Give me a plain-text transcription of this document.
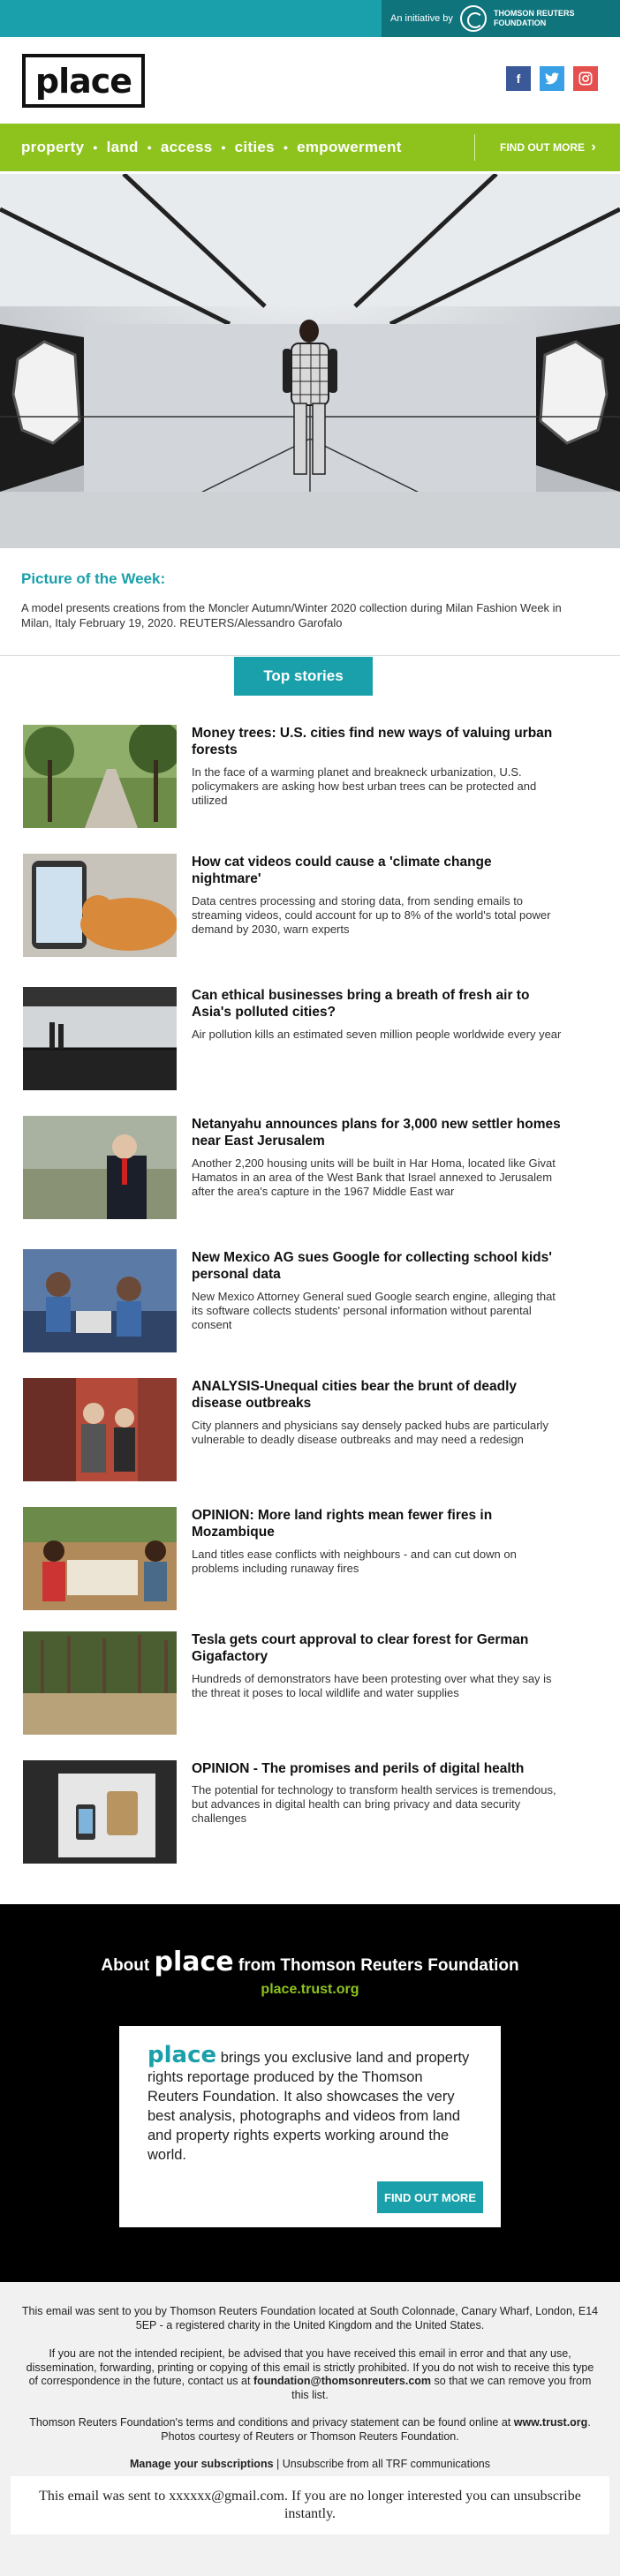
An initiative by	THOMSON REUTERS
FOUNDATION
place	f
property • land • access • cities • empowerment	FIND OUT MORE ›
Picture of the Week:
A model presents creations from the Moncler Autumn/Winter 2020 collection during Milan Fashion Week in Milan, Italy February 19, 2020. REUTERS/Alessandro Garofalo
Top stories
Money trees: U.S. cities find new ways of valuing urban forests

In the face of a warming planet and breakneck urbanization, U.S. policymakers are asking how best urban trees can be protected and utilized

How cat videos could cause a 'climate change nightmare'

Data centres processing and storing data, from sending emails to streaming videos, could account for up to 8% of the world's total power demand by 2030, warn experts

Can ethical businesses bring a breath of fresh air to Asia's polluted cities?

Air pollution kills an estimated seven million people worldwide every year

Netanyahu announces plans for 3,000 new settler homes near East Jerusalem

Another 2,200 housing units will be built in Har Homa, located like Givat Hamatos in an area of the West Bank that Israel annexed to Jerusalem after the area's capture in the 1967 Middle East war

New Mexico AG sues Google for collecting school kids' personal data

New Mexico Attorney General sued Google search engine, alleging that its software collects students' personal information without parental consent

ANALYSIS-Unequal cities bear the brunt of deadly disease outbreaks

City planners and physicians say densely packed hubs are particularly vulnerable to deadly disease outbreaks and may need a redesign

OPINION: More land rights mean fewer fires in Mozambique

Land titles ease conflicts with neighbours - and can cut down on problems including runaway fires

Tesla gets court approval to clear forest for German Gigafactory

Hundreds of demonstrators have been protesting over what they say is the threat it poses to local wildlife and water supplies

OPINION - The promises and perils of digital health

The potential for technology to transform health services is tremendous, but advances in digital health can bring privacy and data security challenges

About place from Thomson Reuters Foundation
place.trust.org
place brings you exclusive land and property rights reportage produced by the Thomson Reuters Foundation. It also showcases the very best analysis, photographs and videos from land and property rights experts working around the world.
FIND OUT MORE

This email was sent to you by Thomson Reuters Foundation located at South Colonnade, Canary Wharf, London, E14 5EP - a registered charity in the United Kingdom and the United States.

If you are not the intended recipient, be advised that you have received this email in error and that any use, dissemination, forwarding, printing or copying of this email is strictly prohibited. If you do not wish to receive this type of correspondence in the future, contact us at foundation@thomsonreuters.com so that we can remove you from this list.

Thomson Reuters Foundation's terms and conditions and privacy statement can be found online at www.trust.org. Photos courtesy of Reuters or Thomson Reuters Foundation.

Manage your subscriptions | Unsubscribe from all TRF communications

This email was sent to xxxxxx@gmail.com. If you are no longer interested you can unsubscribe instantly.
